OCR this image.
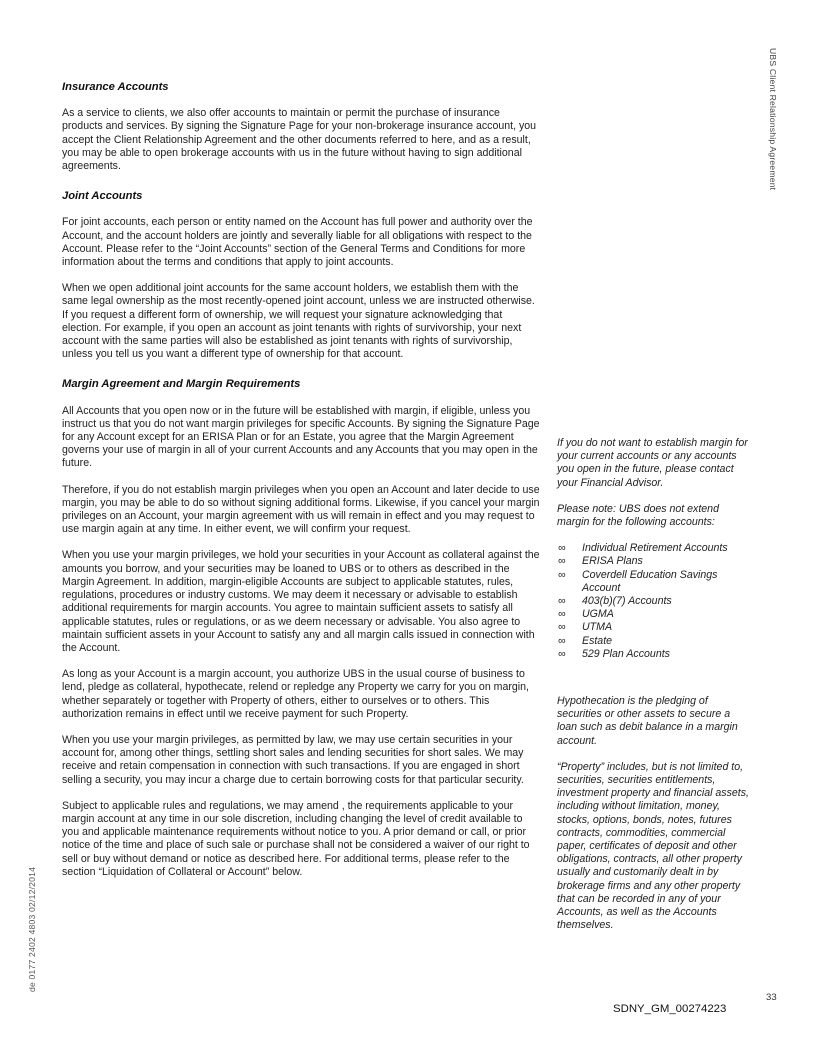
de 0177 2402 4803 02/12/2014
UBS Client Relationship Agreement
Insurance Accounts

As a service to clients, we also offer accounts to maintain or permit the purchase of insurance products and services. By signing the Signature Page for your non-brokerage insurance account, you accept the Client Relationship Agreement and the other documents referred to here, and as a result, you may be able to open brokerage accounts with us in the future without having to sign additional agreements.

Joint Accounts

For joint accounts, each person or entity named on the Account has full power and authority over the Account, and the account holders are jointly and severally liable for all obligations with respect to the Account. Please refer to the “Joint Accounts” section of the General Terms and Conditions for more information about the terms and conditions that apply to joint accounts.

When we open additional joint accounts for the same account holders, we establish them with the same legal ownership as the most recently-opened joint account, unless we are instructed otherwise. If you request a different form of ownership, we will request your signature acknowledging that election. For example, if you open an account as joint tenants with rights of survivorship, your next account with the same parties will also be established as joint tenants with rights of survivorship, unless you tell us you want a different type of ownership for that account.

Margin Agreement and Margin Requirements

All Accounts that you open now or in the future will be established with margin, if eligible, unless you instruct us that you do not want margin privileges for specific Accounts. By signing the Signature Page for any Account except for an ERISA Plan or for an Estate, you agree that the Margin Agreement governs your use of margin in all of your current Accounts and any Accounts that you may open in the future.

Therefore, if you do not establish margin privileges when you open an Account and later decide to use margin, you may be able to do so without signing additional forms. Likewise, if you cancel your margin privileges on an Account, your margin agreement with us will remain in effect and you may request to use margin again at any time. In either event, we will confirm your request.

When you use your margin privileges, we hold your securities in your Account as collateral against the amounts you borrow, and your securities may be loaned to UBS or to others as described in the Margin Agreement. In addition, margin-eligible Accounts are subject to applicable statutes, rules, regulations, procedures or industry customs. We may deem it necessary or advisable to establish additional requirements for margin accounts. You agree to maintain sufficient assets to satisfy all applicable statutes, rules or regulations, or as we deem necessary or advisable. You also agree to maintain sufficient assets in your Account to satisfy any and all margin calls issued in connection with the Account.

As long as your Account is a margin account, you authorize UBS in the usual course of business to lend, pledge as collateral, hypothecate, relend or repledge any Property we carry for you on margin, whether separately or together with Property of others, either to ourselves or to others. This authorization remains in effect until we receive payment for such Property.

When you use your margin privileges, as permitted by law, we may use certain securities in your account for, among other things, settling short sales and lending securities for short sales. We may receive and retain compensation in connection with such transactions. If you are engaged in short selling a security, you may incur a charge due to certain borrowing costs for that particular security.

Subject to applicable rules and regulations, we may amend , the requirements applicable to your margin account at any time in our sole discretion, including changing the level of credit available to you and applicable maintenance requirements without notice to you. A prior demand or call, or prior notice of the time and place of such sale or purchase shall not be considered a waiver of our right to sell or buy without demand or notice as described here. For additional terms, please refer to the section “Liquidation of Collateral or Account” below.

If you do not want to establish margin for your current accounts or any accounts you open in the future, please contact your Financial Advisor.

Please note: UBS does not extend margin for the following accounts:

∞	Individual Retirement Accounts
∞	ERISA Plans
∞	Coverdell Education Savings Account
∞	403(b)(7) Accounts
∞	UGMA
∞	UTMA
∞	Estate
∞	529 Plan Accounts

Hypothecation is the pledging of securities or other assets to secure a loan such as debit balance in a margin account.

“Property” includes, but is not limited to, securities, securities entitlements, investment property and financial assets, including without limitation, money, stocks, options, bonds, notes, futures contracts, commodities, commercial paper, certificates of deposit and other obligations, contracts, all other property usually and customarily dealt in by brokerage firms and any other property that can be recorded in any of your Accounts, as well as the Accounts themselves.

33
SDNY_GM_00274223
